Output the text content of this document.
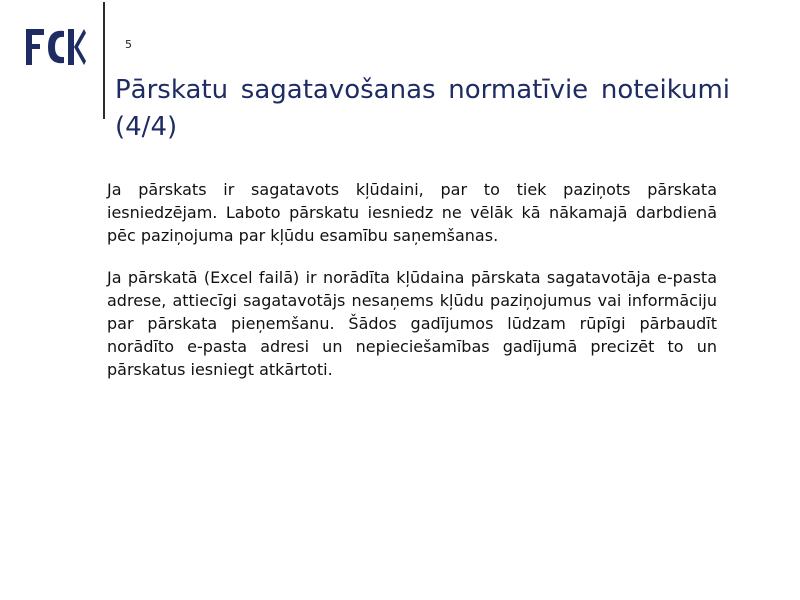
5
Pārskatu sagatavošanas normatīvie noteikumi (4/4)

Ja pārskats ir sagatavots kļūdaini, par to tiek paziņots pārskata iesniedzējam. Laboto pārskatu iesniedz ne vēlāk kā nākamajā darbdienā pēc paziņojuma par kļūdu esamību saņemšanas.

Ja pārskatā (Excel failā) ir norādīta kļūdaina pārskata sagatavotāja e-pasta adrese, attiecīgi sagatavotājs nesaņems kļūdu paziņojumus vai informāciju par pārskata pieņemšanu. Šādos gadījumos lūdzam rūpīgi pārbaudīt norādīto e-pasta adresi un nepieciešamības gadījumā precizēt to un pārskatus iesniegt atkārtoti.
